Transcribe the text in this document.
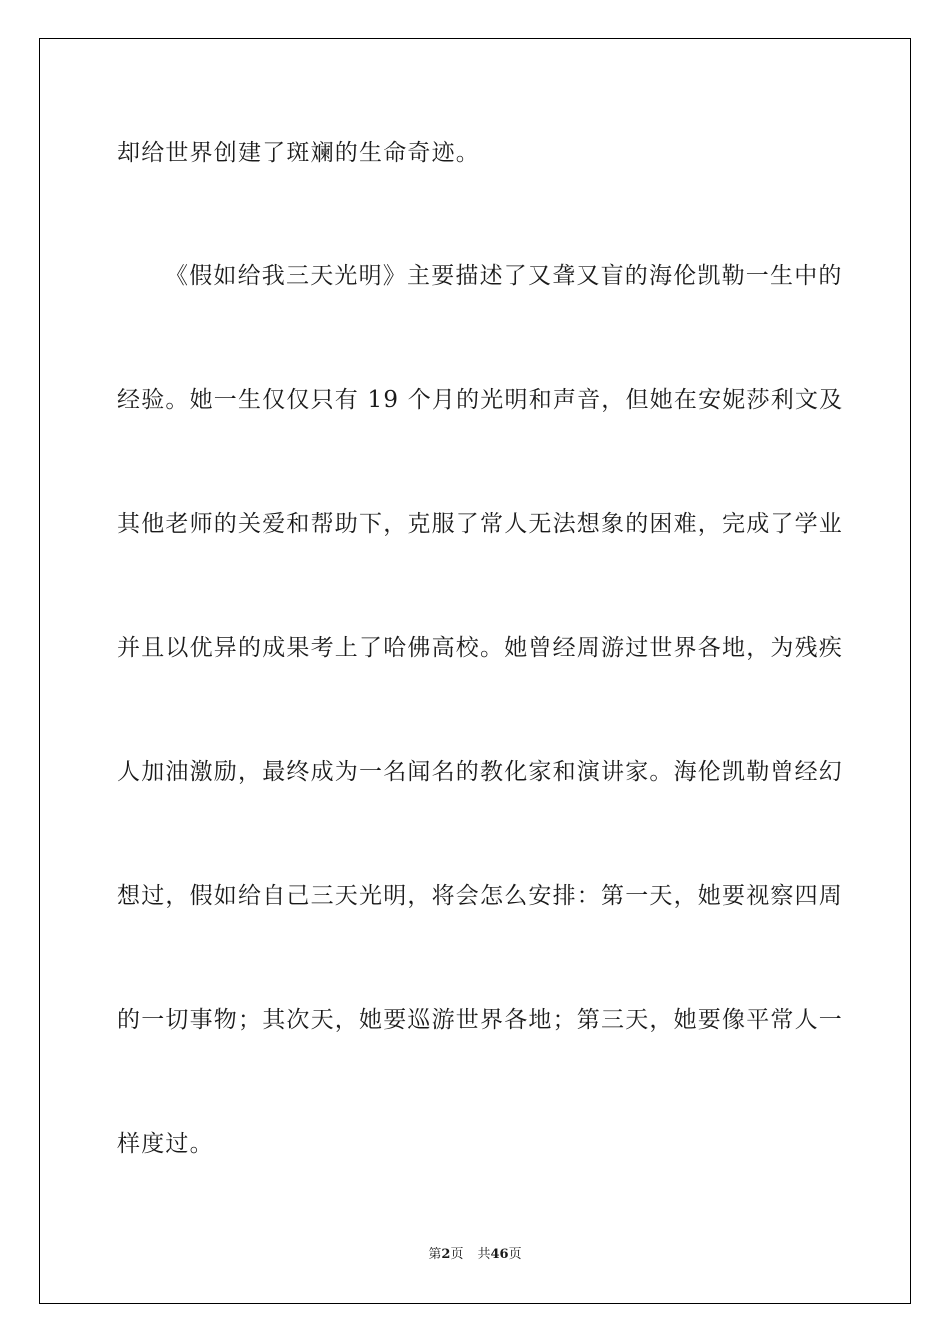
却给世界创建了斑斓的生命奇迹。
《假如给我三天光明》主要描述了又聋又盲的海伦凯勒一生中的
经验。她一生仅仅只有 19 个月的光明和声音，但她在安妮莎利文及
其他老师的关爱和帮助下，克服了常人无法想象的困难，完成了学业
并且以优异的成果考上了哈佛高校。她曾经周游过世界各地，为残疾
人加油激励，最终成为一名闻名的教化家和演讲家。海伦凯勒曾经幻
想过，假如给自己三天光明，将会怎么安排：第一天，她要视察四周
的一切事物；其次天，她要巡游世界各地；第三天，她要像平常人一
样度过。
第2页 共46页
